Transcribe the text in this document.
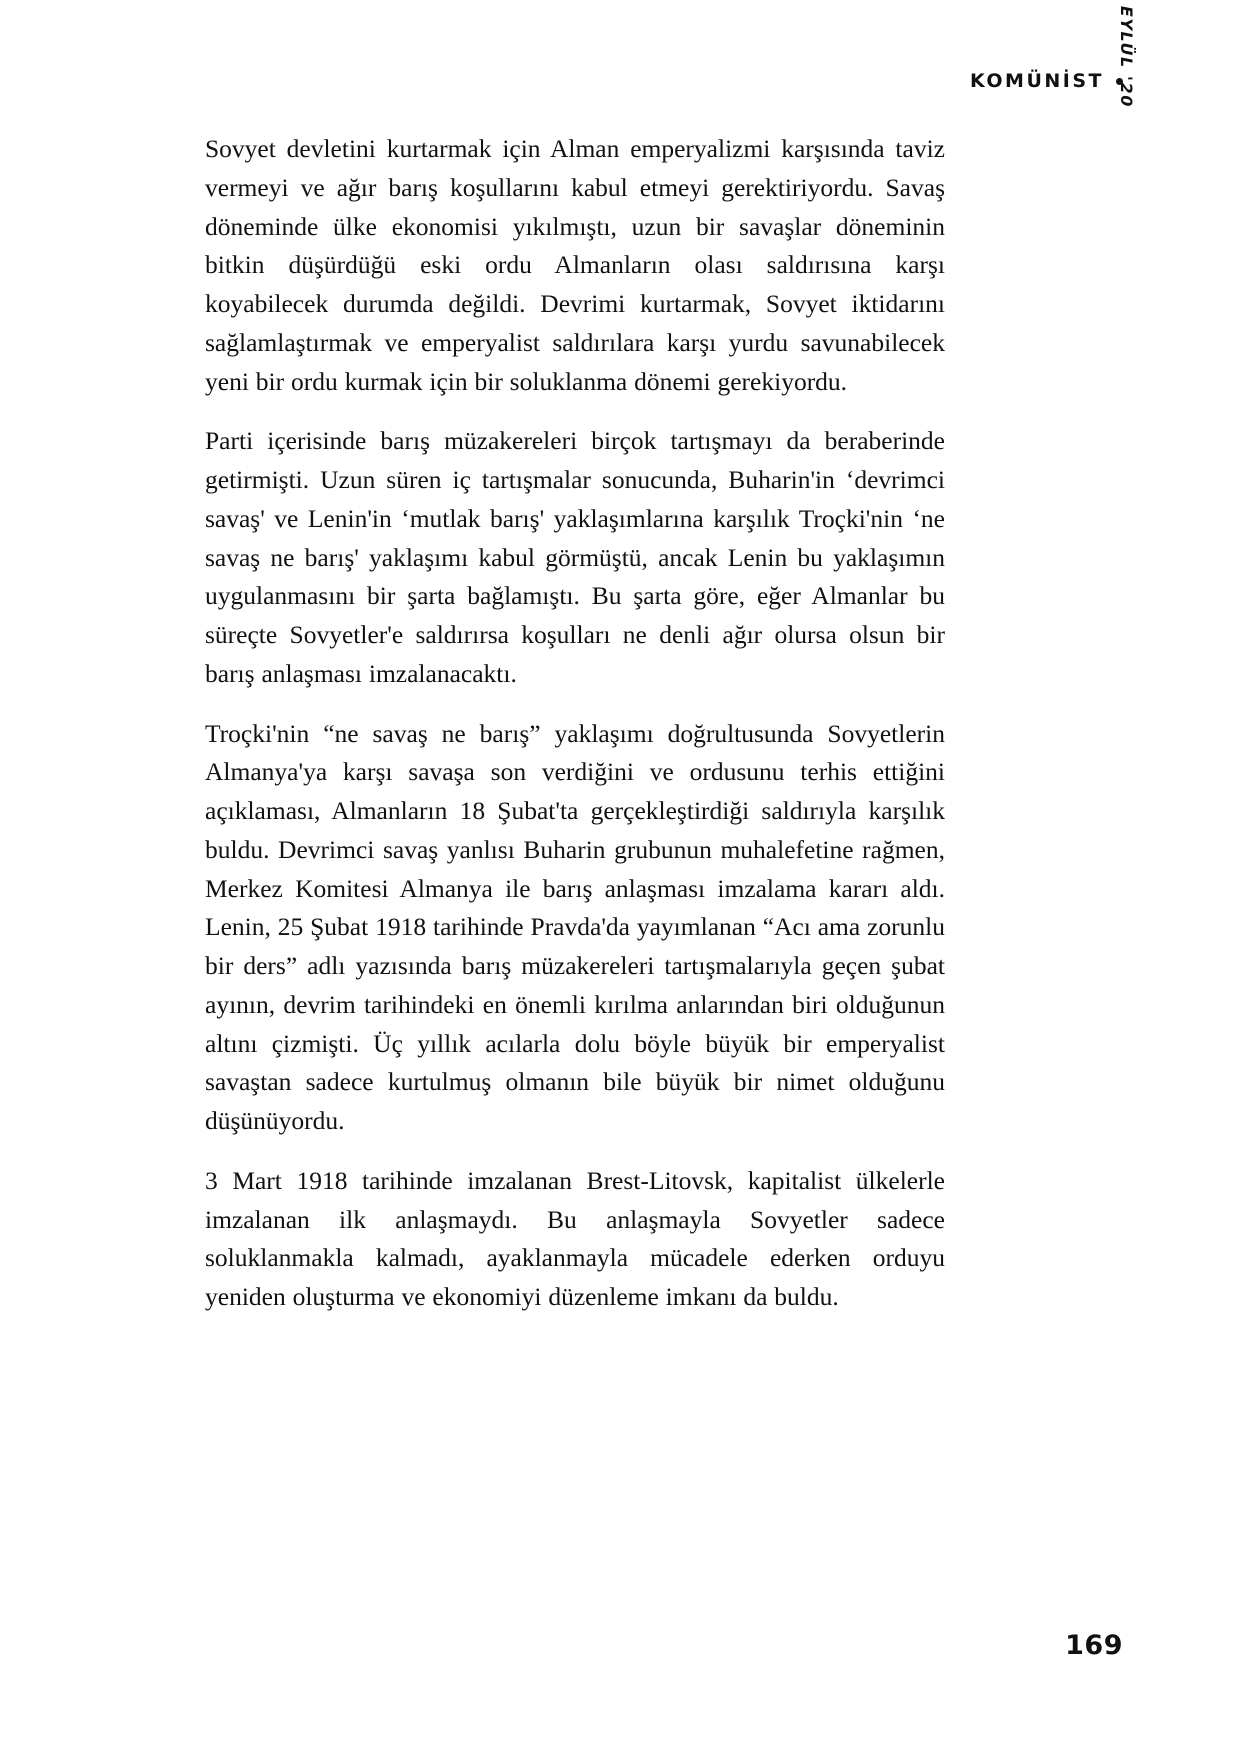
KOMÜNİST EYLÜL '20

Sovyet devletini kurtarmak için Alman emperyalizmi karşısında taviz vermeyi ve ağır barış koşullarını kabul etmeyi gerektiriyordu. Savaş döneminde ülke ekonomisi yıkılmıştı, uzun bir savaşlar döneminin bitkin düşürdüğü eski ordu Almanların olası saldırısına karşı koyabilecek durumda değildi. Devrimi kurtarmak, Sovyet iktidarını sağlamlaştırmak ve emperyalist saldırılara karşı yurdu savunabilecek yeni bir ordu kurmak için bir soluklanma dönemi gerekiyordu.

Parti içerisinde barış müzakereleri birçok tartışmayı da beraberinde getirmişti. Uzun süren iç tartışmalar sonucunda, Buharin'in ‘devrimci savaş' ve Lenin'in ‘mutlak barış' yaklaşımlarına karşılık Troçki'nin ‘ne savaş ne barış' yaklaşımı kabul görmüştü, ancak Lenin bu yaklaşımın uygulanmasını bir şarta bağlamıştı. Bu şarta göre, eğer Almanlar bu süreçte Sovyetler'e saldırırsa koşulları ne denli ağır olursa olsun bir barış anlaşması imzalanacaktı.

Troçki'nin “ne savaş ne barış” yaklaşımı doğrultusunda Sovyetlerin Almanya'ya karşı savaşa son verdiğini ve ordusunu terhis ettiğini açıklaması, Almanların 18 Şubat'ta gerçekleştirdiği saldırıyla karşılık buldu. Devrimci savaş yanlısı Buharin grubunun muhalefetine rağmen, Merkez Komitesi Almanya ile barış anlaşması imzalama kararı aldı. Lenin, 25 Şubat 1918 tarihinde Pravda'da yayımlanan “Acı ama zorunlu bir ders” adlı yazısında barış müzakereleri tartışmalarıyla geçen şubat ayının, devrim tarihindeki en önemli kırılma anlarından biri olduğunun altını çizmişti. Üç yıllık acılarla dolu böyle büyük bir emperyalist savaştan sadece kurtulmuş olmanın bile büyük bir nimet olduğunu düşünüyordu.

3 Mart 1918 tarihinde imzalanan Brest-Litovsk, kapitalist ülkelerle imzalanan ilk anlaşmaydı. Bu anlaşmayla Sovyetler sadece soluklanmakla kalmadı, ayaklanmayla mücadele ederken orduyu yeniden oluşturma ve ekonomiyi düzenleme imkanı da buldu.

169
